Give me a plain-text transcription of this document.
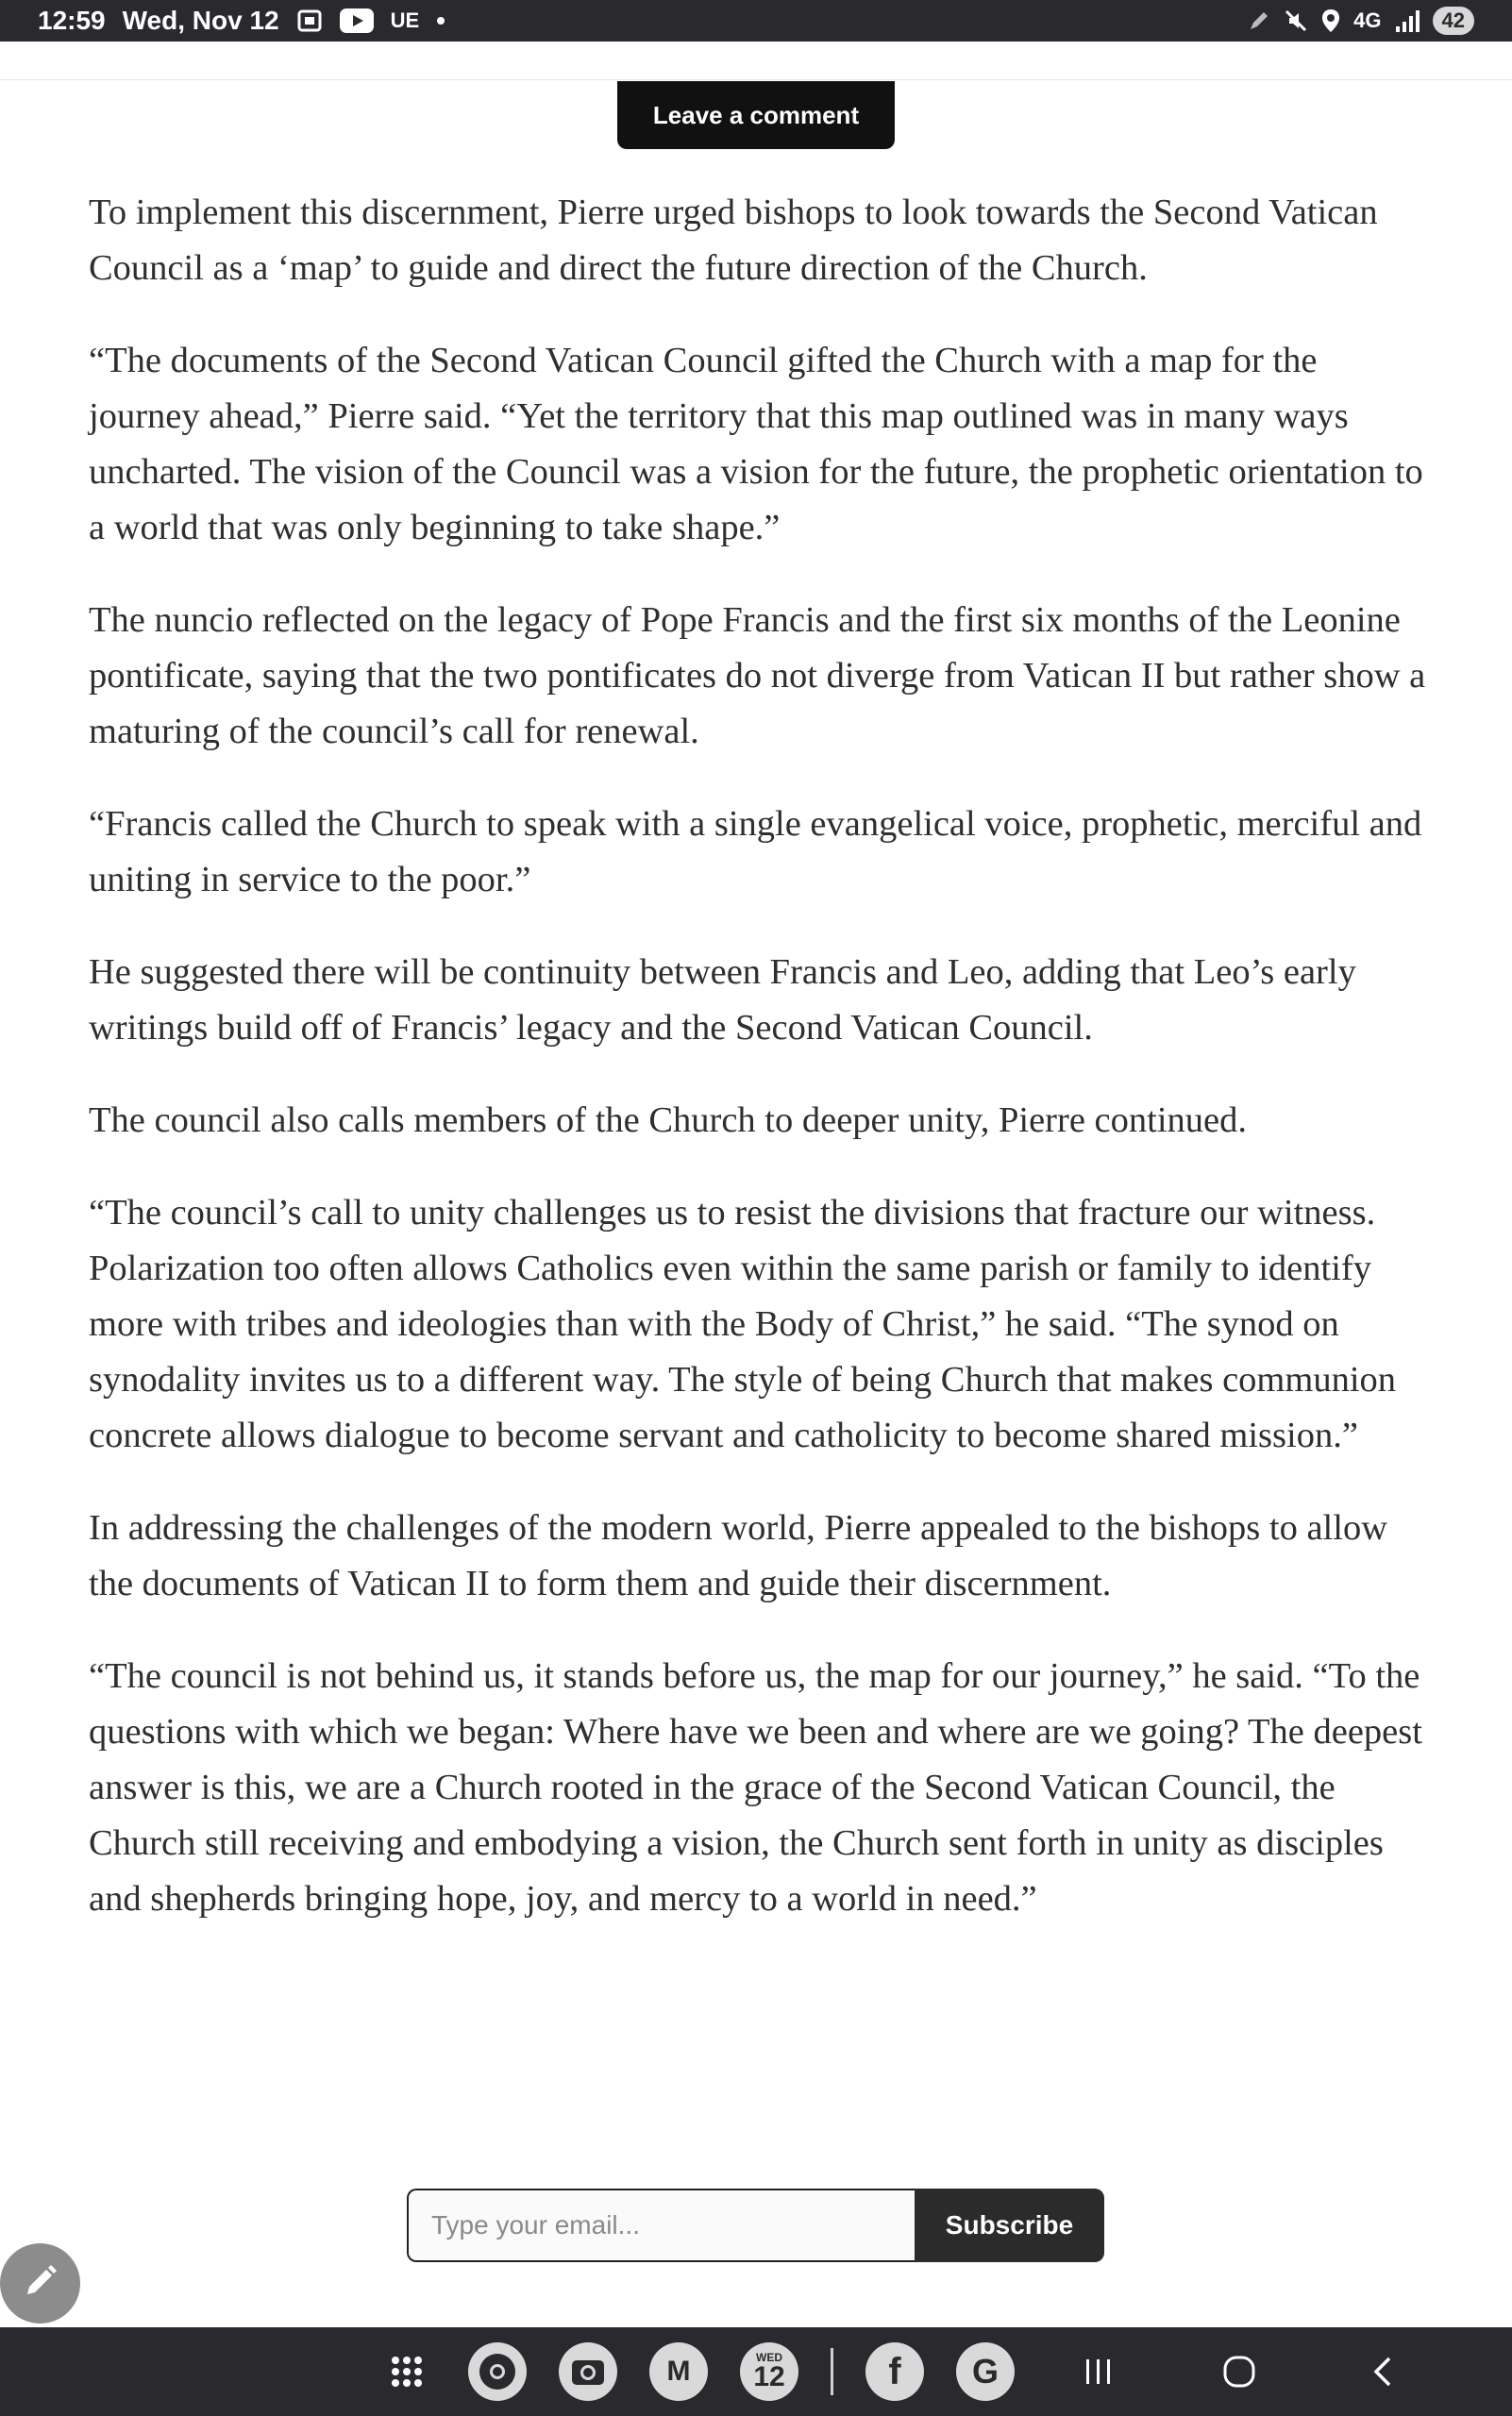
12:59 Wed, Nov 12	UE •	4G	42
Leave a comment

To implement this discernment, Pierre urged bishops to look towards the Second Vatican Council as a ‘map’ to guide and direct the future direction of the Church.

“The documents of the Second Vatican Council gifted the Church with a map for the journey ahead,” Pierre said. “Yet the territory that this map outlined was in many ways uncharted. The vision of the Council was a vision for the future, the prophetic orientation to a world that was only beginning to take shape.”

The nuncio reflected on the legacy of Pope Francis and the first six months of the Leonine pontificate, saying that the two pontificates do not diverge from Vatican II but rather show a maturing of the council’s call for renewal.

“Francis called the Church to speak with a single evangelical voice, prophetic, merciful and uniting in service to the poor.”

He suggested there will be continuity between Francis and Leo, adding that Leo’s early writings build off of Francis’ legacy and the Second Vatican Council.

The council also calls members of the Church to deeper unity, Pierre continued.

“The council’s call to unity challenges us to resist the divisions that fracture our witness. Polarization too often allows Catholics even within the same parish or family to identify more with tribes and ideologies than with the Body of Christ,” he said. “The synod on synodality invites us to a different way. The style of being Church that makes communion concrete allows dialogue to become servant and catholicity to become shared mission.”

In addressing the challenges of the modern world, Pierre appealed to the bishops to allow the documents of Vatican II to form them and guide their discernment.

“The council is not behind us, it stands before us, the map for our journey,” he said. “To the questions with which we began: Where have we been and where are we going? The deepest answer is this, we are a Church rooted in the grace of the Second Vatican Council, the Church still receiving and embodying a vision, the Church sent forth in unity as disciples and shepherds bringing hope, joy, and mercy to a world in need.”

Type your email...
Subscribe
M	WED
12	f	G
